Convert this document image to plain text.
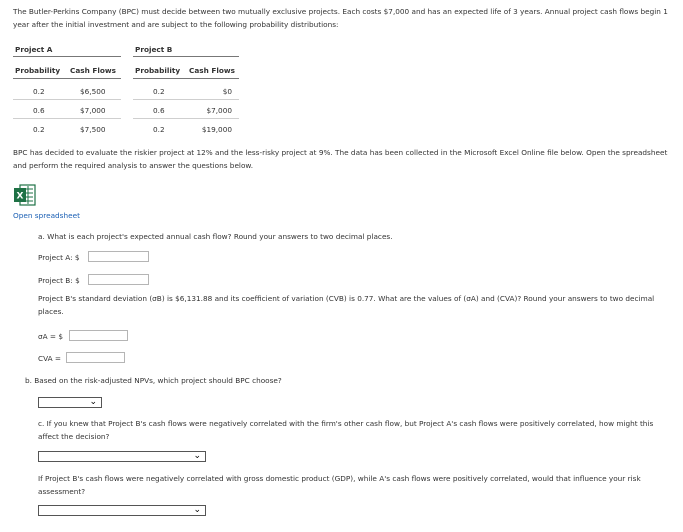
The Butler-Perkins Company (BPC) must decide between two mutually exclusive projects. Each costs $7,000 and has an expected life of 3 years. Annual project cash flows begin 1 year after the initial investment and are subject to the following probability distributions:
Project A
Probability Cash Flows
0.2	$6,500
0.6	$7,000
0.2	$7,500
Project B
Probability Cash Flows
0.2	$0
0.6	$7,000
0.2	$19,000
BPC has decided to evaluate the riskier project at 12% and the less-risky project at 9%. The data has been collected in the Microsoft Excel Online file below. Open the spreadsheet and perform the required analysis to answer the questions below.
X
Open spreadsheet
a. What is each project's expected annual cash flow? Round your answers to two decimal places.
Project A: $
Project B: $
Project B's standard deviation (σB) is $6,131.88 and its coefficient of variation (CVB) is 0.77. What are the values of (σA) and (CVA)? Round your answers to two decimal places.
σA = $
CVA =
b. Based on the risk-adjusted NPVs, which project should BPC choose?
⌄
c. If you knew that Project B's cash flows were negatively correlated with the firm's other cash flow, but Project A's cash flows were positively correlated, how might this affect the decision?
⌄
If Project B's cash flows were negatively correlated with gross domestic product (GDP), while A's cash flows were positively correlated, would that influence your risk assessment?
⌄
